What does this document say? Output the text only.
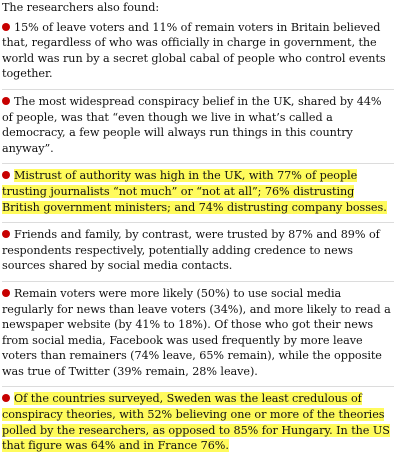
The researchers also found:

15% of leave voters and 11% of remain voters in Britain believed that, regardless of who was officially in charge in government, the world was run by a secret global cabal of people who control events together.

The most widespread conspiracy belief in the UK, shared by 44% of people, was that “even though we live in what’s called a democracy, a few people will always run things in this country anyway”.

Mistrust of authority was high in the UK, with 77% of people trusting journalists “not much” or “not at all”; 76% distrusting British government ministers; and 74% distrusting company bosses.

Friends and family, by contrast, were trusted by 87% and 89% of respondents respectively, potentially adding credence to news sources shared by social media contacts.

Remain voters were more likely (50%) to use social media regularly for news than leave voters (34%), and more likely to read a newspaper website (by 41% to 18%). Of those who got their news from social media, Facebook was used frequently by more leave voters than remainers (74% leave, 65% remain), while the opposite was true of Twitter (39% remain, 28% leave).

Of the countries surveyed, Sweden was the least credulous of conspiracy theories, with 52% believing one or more of the theories polled by the researchers, as opposed to 85% for Hungary. In the US that figure was 64% and in France 76%.
